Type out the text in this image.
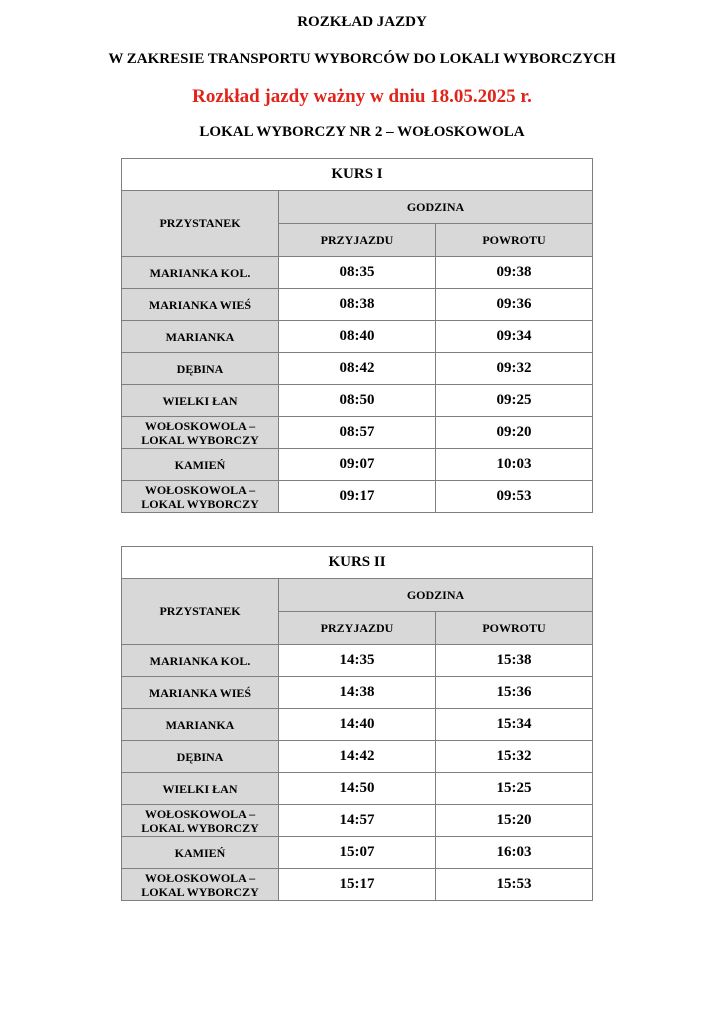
ROZKŁAD JAZDY

W ZAKRESIE TRANSPORTU WYBORCÓW DO LOKALI WYBORCZYCH

Rozkład jazdy ważny w dniu 18.05.2025 r.

LOKAL WYBORCZY NR 2 – WOŁOSKOWOLA

KURS I		
PRZYSTANEK	GODZINA	
	PRZYJAZDU	POWROTU

MARIANKA KOL.	08:35	09:38

MARIANKA WIEŚ	08:38	09:36

MARIANKA	08:40	09:34

DĘBINA	08:42	09:32

WIELKI ŁAN	08:50	09:25

WOŁOSKOWOLA –
LOKAL WYBORCZY	08:57	09:20

KAMIEŃ	09:07	10:03

WOŁOSKOWOLA –
LOKAL WYBORCZY	09:17	09:53
KURS II		
PRZYSTANEK	GODZINA	
	PRZYJAZDU	POWROTU

MARIANKA KOL.	14:35	15:38

MARIANKA WIEŚ	14:38	15:36

MARIANKA	14:40	15:34

DĘBINA	14:42	15:32

WIELKI ŁAN	14:50	15:25

WOŁOSKOWOLA –
LOKAL WYBORCZY	14:57	15:20

KAMIEŃ	15:07	16:03

WOŁOSKOWOLA –
LOKAL WYBORCZY	15:17	15:53
